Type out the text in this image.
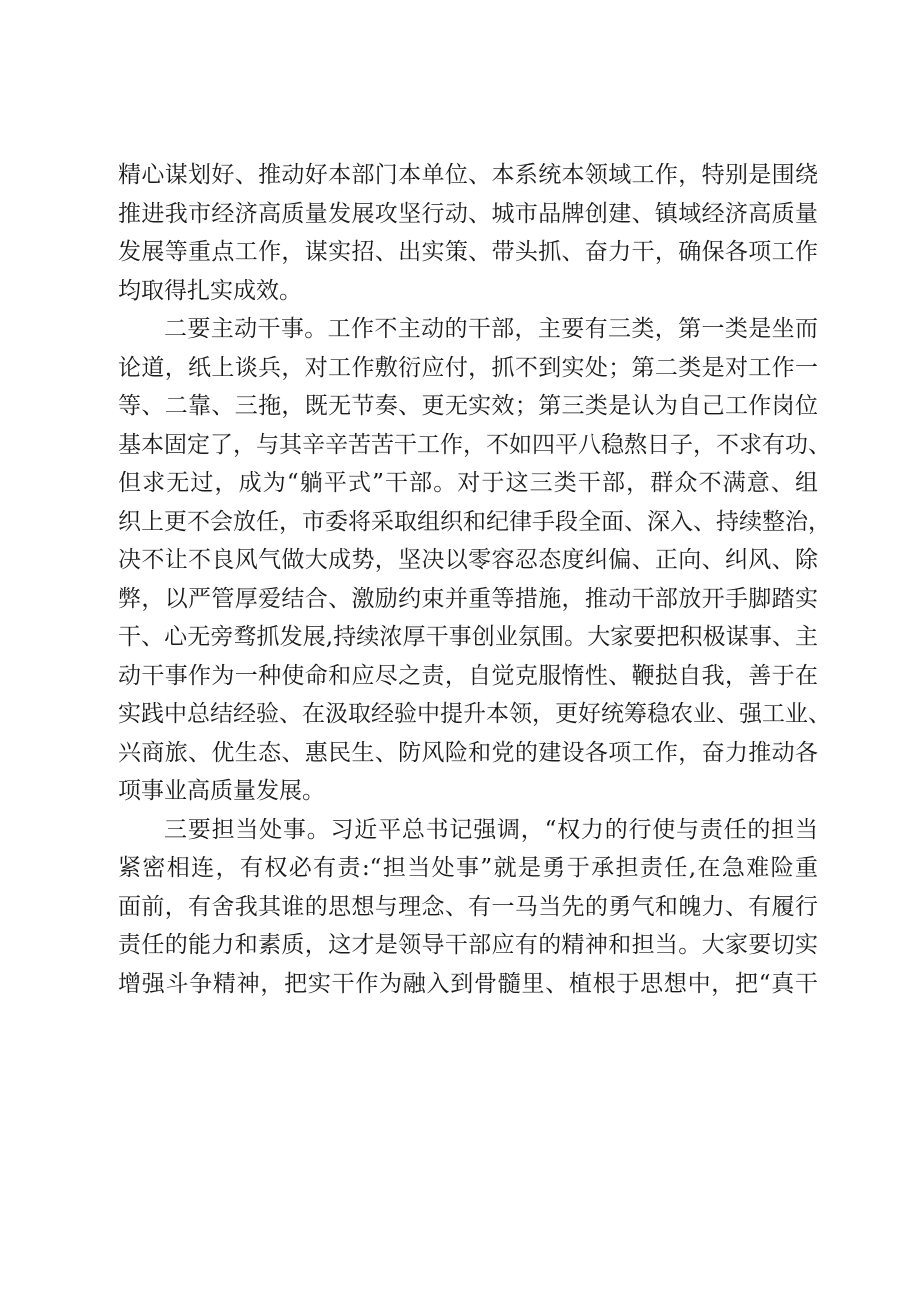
精心谋划好、推动好本部门本单位、本系统本领域工作，特别是围绕
推进我市经济高质量发展攻坚行动、城市品牌创建、镇域经济高质量
发展等重点工作，谋实招、出实策、带头抓、奋力干，确保各项工作
均取得扎实成效。
二要主动干事。工作不主动的干部，主要有三类，第一类是坐而
论道，纸上谈兵，对工作敷衍应付，抓不到实处；第二类是对工作一
等、二靠、三拖，既无节奏、更无实效；第三类是认为自己工作岗位
基本固定了，与其辛辛苦苦干工作，不如四平八稳熬日子，不求有功、
但求无过，成为“躺平式”干部。对于这三类干部，群众不满意、组
织上更不会放任，市委将采取组织和纪律手段全面、深入、持续整治，
决不让不良风气做大成势，坚决以零容忍态度纠偏、正向、纠风、除
弊，以严管厚爱结合、激励约束并重等措施，推动干部放开手脚踏实
干、心无旁骛抓发展,持续浓厚干事创业氛围。大家要把积极谋事、主
动干事作为一种使命和应尽之责，自觉克服惰性、鞭挞自我，善于在
实践中总结经验、在汲取经验中提升本领，更好统筹稳农业、强工业、
兴商旅、优生态、惠民生、防风险和党的建设各项工作，奋力推动各
项事业高质量发展。
三要担当处事。习近平总书记强调，“权力的行使与责任的担当
紧密相连，有权必有责:“担当处事”就是勇于承担责任,在急难险重
面前，有舍我其谁的思想与理念、有一马当先的勇气和魄力、有履行
责任的能力和素质，这才是领导干部应有的精神和担当。大家要切实
增强斗争精神，把实干作为融入到骨髓里、植根于思想中，把“真干
